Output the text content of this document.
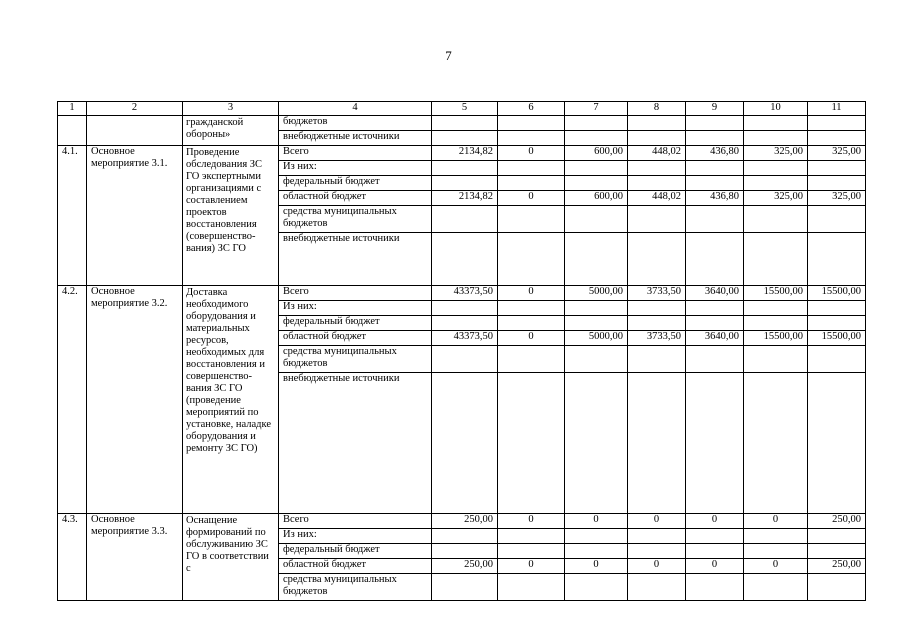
7
1	2	3	4	5	6	7	8	9	10	11
		гражданской обороны»	бюджетов							
			внебюджетные источники							
4.1.	Основное мероприятие 3.1.	Проведение обследования ЗС ГО экспертными организациями с составлением проектов восстановления (совершенство-вания) ЗС ГО	Всего	2134,82	0	600,00	448,02	436,80	325,00	325,00
			Из них:							
			федеральный бюджет							
			областной бюджет	2134,82	0	600,00	448,02	436,80	325,00	325,00
			средства муниципальных бюджетов							
			внебюджетные источники							
4.2.	Основное мероприятие 3.2.	Доставка необходимого оборудования и материальных ресурсов, необходимых для восстановления и совершенство-вания ЗС ГО (проведение мероприятий по установке, наладке оборудования и ремонту ЗС ГО)	Всего	43373,50	0	5000,00	3733,50	3640,00	15500,00	15500,00
			Из них:							
			федеральный бюджет							
			областной бюджет	43373,50	0	5000,00	3733,50	3640,00	15500,00	15500,00
			средства муниципальных бюджетов							
			внебюджетные источники							
4.3.	Основное мероприятие 3.3.	Оснащение формирований по обслуживанию ЗС ГО в соответствии с	Всего	250,00	0	0	0	0	0	250,00
			Из них:							
			федеральный бюджет							
			областной бюджет	250,00	0	0	0	0	0	250,00
			средства муниципальных бюджетов							
